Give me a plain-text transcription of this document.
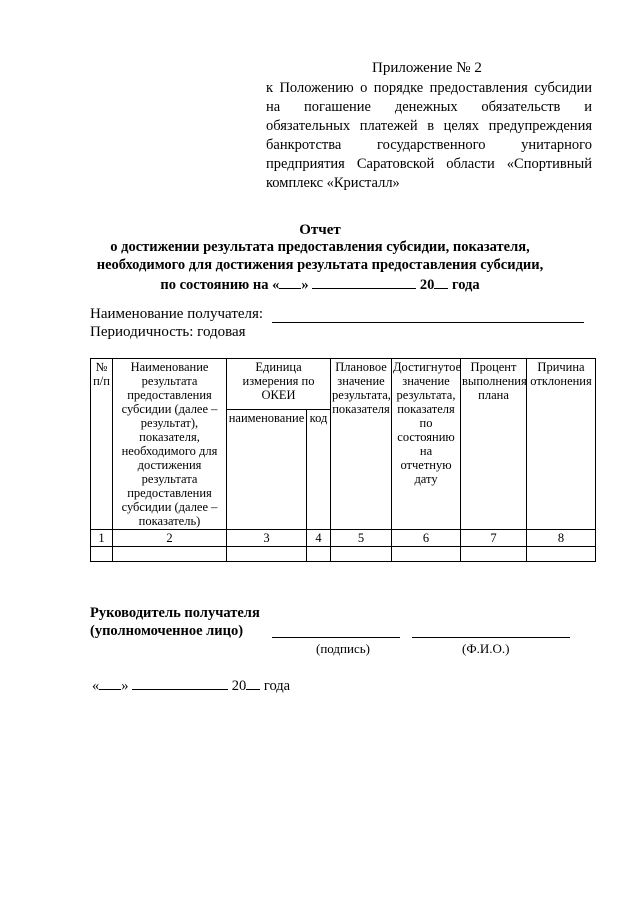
Приложение № 2
к Положению о порядке предоставления субсидии на погашение денежных обязательств и обязательных платежей в целях предупреждения банкротства государственного унитарного предприятия Саратовской области «Спортивный комплекс «Кристалл»
Отчет
о достижении результата предоставления субсидии, показателя,
необходимого для достижения результата предоставления субсидии,
по состоянию на « »	20 года
Наименование получателя:
Периодичность: годовая
№ п/п	Наименование результата предоставления субсидии (далее – результат), показателя, необходимого для достижения результата предоставления субсидии (далее – показатель)	Единица измерения по ОКЕИ		Плановое значение результата, показателя	Достигнутое значение результата, показателя по состоянию на отчетную дату	Процент выполнения плана	Причина отклонения
		наименование	код				
1	2	3	4	5	6	7	8

Руководитель получателя
(уполномоченное лицо)
(подпись)	(Ф.И.О.)
« »	20 года
